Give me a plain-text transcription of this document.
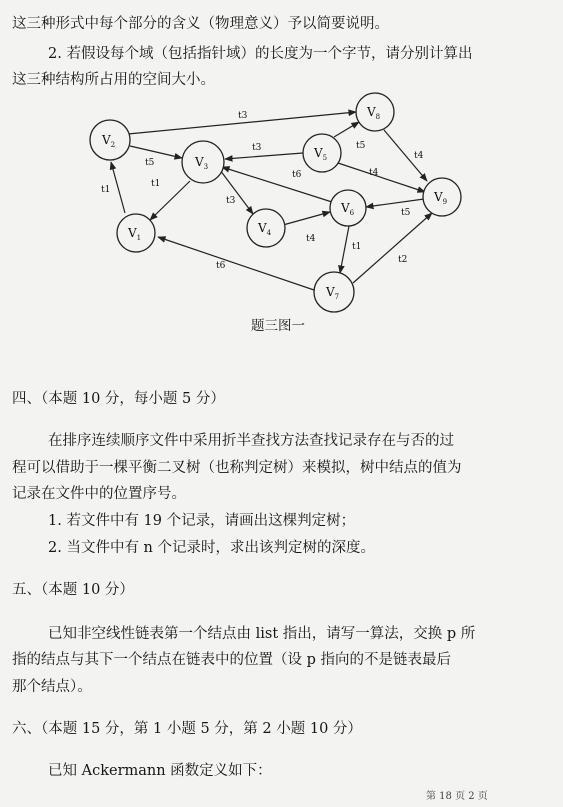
这三种形式中每个部分的含义（物理意义）予以简要说明。
2. 若假设每个域（包括指针域）的长度为一个字节，请分别计算出
这三种结构所占用的空间大小。
$V_2$
$V_3$
$V_1$
$V_4$
$V_5$
$V_6$
$V_8$
$V_9$
$V_7$
t3
t5
t1
t1
t3
t3
t6
t5
t4
t4
t5
t4
t1
t6
t2
题三图一
四、（本题 10 分，每小题 5 分）
在排序连续顺序文件中采用折半查找方法查找记录存在与否的过
程可以借助于一棵平衡二叉树（也称判定树）来模拟，树中结点的值为
记录在文件中的位置序号。
1. 若文件中有 19 个记录，请画出这棵判定树；
2. 当文件中有 n 个记录时，求出该判定树的深度。
五、（本题 10 分）
已知非空线性链表第一个结点由 list 指出，请写一算法，交换 p 所
指的结点与其下一个结点在链表中的位置（设 p 指向的不是链表最后
那个结点）。
六、（本题 15 分，第 1 小题 5 分，第 2 小题 10 分）
已知 Ackermann 函数定义如下：
第 18 页 2 页
